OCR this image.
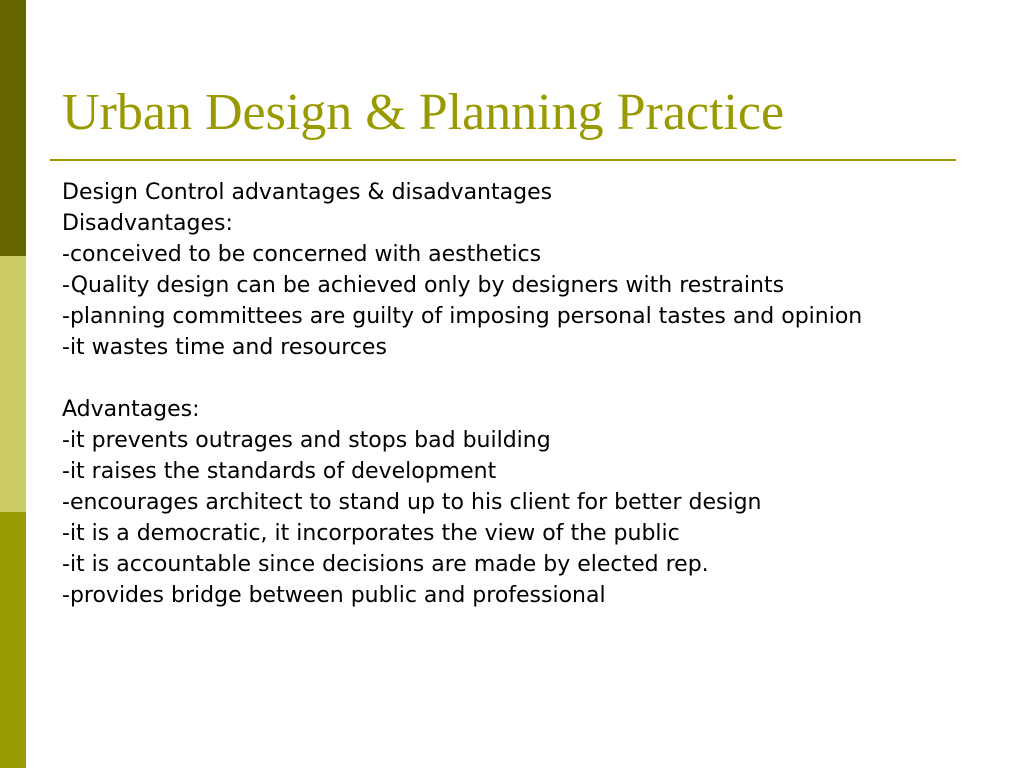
Urban Design & Planning Practice

Design Control advantages & disadvantages

Disadvantages:

-conceived to be concerned with aesthetics

-Quality design can be achieved only by designers with restraints

-planning committees are guilty of imposing personal tastes and opinion

-it wastes time and resources

Advantages:

-it prevents outrages and stops bad building

-it raises the standards of development

-encourages architect to stand up to his client for better design

-it is a democratic, it incorporates the view of the public

-it is accountable since decisions are made by elected rep.

-provides bridge between public and professional
